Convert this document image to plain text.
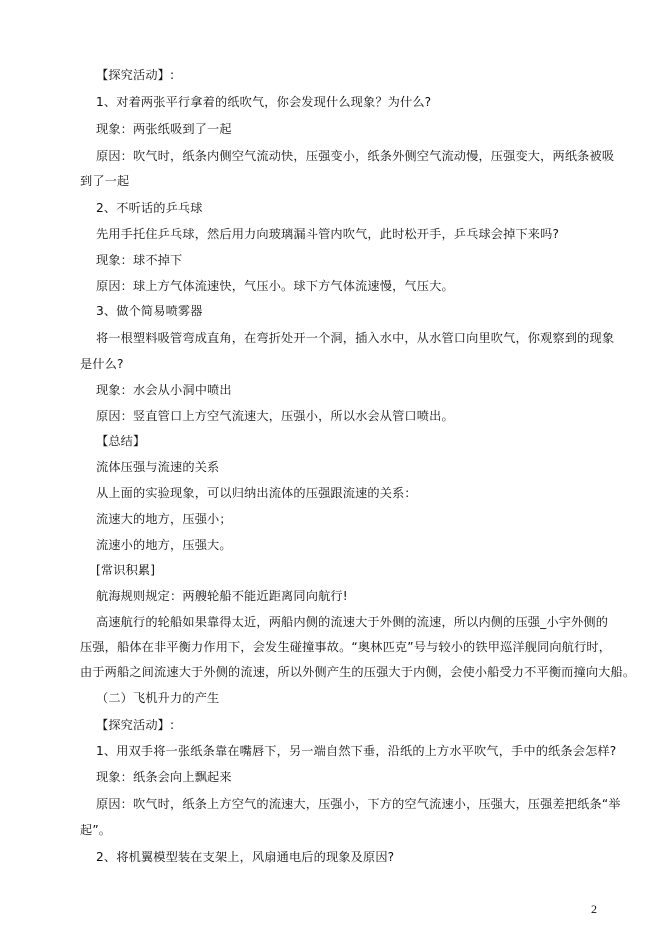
【探究活动】:
1、对着两张平行拿着的纸吹气，你会发现什么现象？为什么?
现象：两张纸吸到了一起
原因：吹气时，纸条内侧空气流动快，压强变小，纸条外侧空气流动慢，压强变大，两纸条被吸
到了一起
2、不听话的乒乓球
先用手托住乒乓球，然后用力向玻璃漏斗管内吹气，此时松开手，乒乓球会掉下来吗?
现象：球不掉下
原因：球上方气体流速快，气压小。球下方气体流速慢，气压大。
3、做个简易喷雾器
将一根塑料吸管弯成直角，在弯折处开一个洞，插入水中，从水管口向里吹气，你观察到的现象
是什么?
现象：水会从小洞中喷出
原因：竖直管口上方空气流速大，压强小，所以水会从管口喷出。
【总结】
流体压强与流速的关系
从上面的实验现象，可以归纳出流体的压强跟流速的关系：
流速大的地方，压强小；
流速小的地方，压强大。
[常识积累]
航海规则规定：两艘轮船不能近距离同向航行!
高速航行的轮船如果靠得太近，两船内侧的流速大于外侧的流速，所以内侧的压强_小宇外侧的
压强，船体在非平衡力作用下，会发生碰撞事故。“奥林匹克”号与较小的铁甲巡洋舰同向航行时，
由于两船之间流速大于外侧的流速，所以外侧产生的压强大于内侧，会使小船受力不平衡而撞向大船。
（二）飞机升力的产生
【探究活动】:
1、用双手将一张纸条靠在嘴唇下，另一端自然下垂，沿纸的上方水平吹气，手中的纸条会怎样?
现象：纸条会向上飘起来
原因：吹气时，纸条上方空气的流速大，压强小，下方的空气流速小，压强大，压强差把纸条“举
起”。
2、将机翼模型装在支架上，风扇通电后的现象及原因?
2
